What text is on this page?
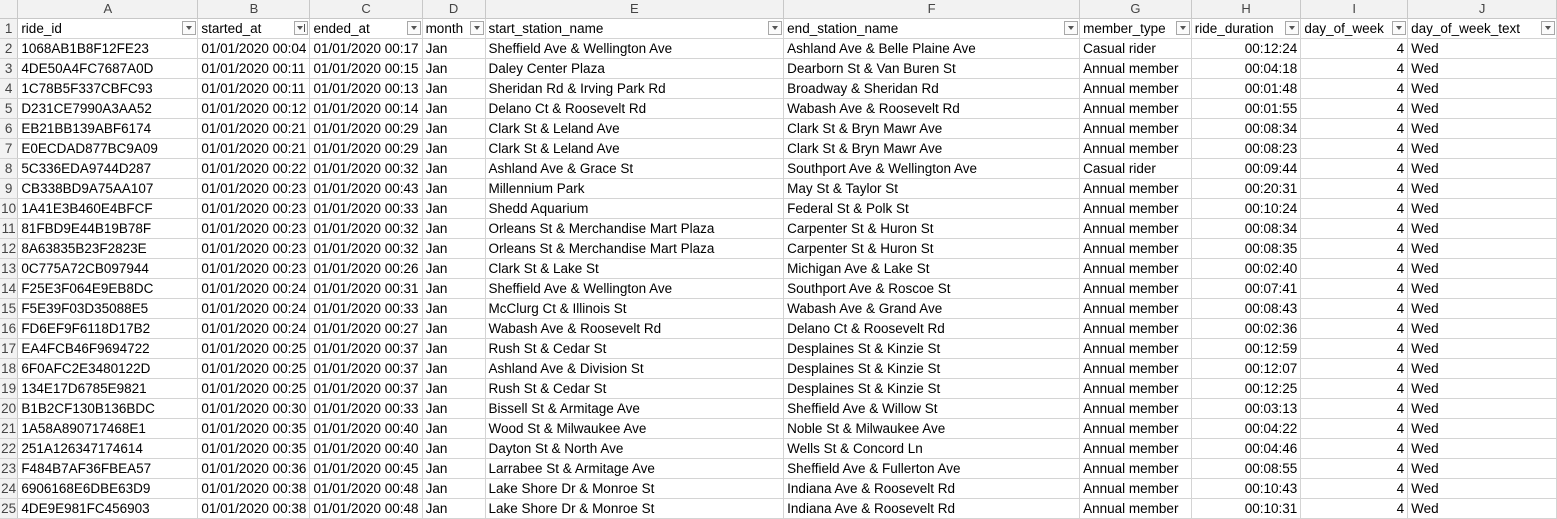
	A	B	C	D	E	F	G	H	I	J
1	ride_id	started_at	ended_at	month	start_station_name	end_station_name	member_type	ride_duration	day_of_week	day_of_week_text

2	1068AB1B8F12FE23	01/01/2020 00:04	01/01/2020 00:17	Jan	Sheffield Ave & Wellington Ave	Ashland Ave & Belle Plaine Ave	Casual rider	00:12:24	4	Wed
3	4DE50A4FC7687A0D	01/01/2020 00:11	01/01/2020 00:15	Jan	Daley Center Plaza	Dearborn St & Van Buren St	Annual member	00:04:18	4	Wed
4	1C78B5F337CBFC93	01/01/2020 00:11	01/01/2020 00:13	Jan	Sheridan Rd & Irving Park Rd	Broadway & Sheridan Rd	Annual member	00:01:48	4	Wed
5	D231CE7990A3AA52	01/01/2020 00:12	01/01/2020 00:14	Jan	Delano Ct & Roosevelt Rd	Wabash Ave & Roosevelt Rd	Annual member	00:01:55	4	Wed
6	EB21BB139ABF6174	01/01/2020 00:21	01/01/2020 00:29	Jan	Clark St & Leland Ave	Clark St & Bryn Mawr Ave	Annual member	00:08:34	4	Wed
7	E0ECDAD877BC9A09	01/01/2020 00:21	01/01/2020 00:29	Jan	Clark St & Leland Ave	Clark St & Bryn Mawr Ave	Annual member	00:08:23	4	Wed
8	5C336EDA9744D287	01/01/2020 00:22	01/01/2020 00:32	Jan	Ashland Ave & Grace St	Southport Ave & Wellington Ave	Casual rider	00:09:44	4	Wed
9	CB338BD9A75AA107	01/01/2020 00:23	01/01/2020 00:43	Jan	Millennium Park	May St & Taylor St	Annual member	00:20:31	4	Wed
10	1A41E3B460E4BFCF	01/01/2020 00:23	01/01/2020 00:33	Jan	Shedd Aquarium	Federal St & Polk St	Annual member	00:10:24	4	Wed
11	81FBD9E44B19B78F	01/01/2020 00:23	01/01/2020 00:32	Jan	Orleans St & Merchandise Mart Plaza	Carpenter St & Huron St	Annual member	00:08:34	4	Wed
12	8A63835B23F2823E	01/01/2020 00:23	01/01/2020 00:32	Jan	Orleans St & Merchandise Mart Plaza	Carpenter St & Huron St	Annual member	00:08:35	4	Wed
13	0C775A72CB097944	01/01/2020 00:23	01/01/2020 00:26	Jan	Clark St & Lake St	Michigan Ave & Lake St	Annual member	00:02:40	4	Wed
14	F25E3F064E9EB8DC	01/01/2020 00:24	01/01/2020 00:31	Jan	Sheffield Ave & Wellington Ave	Southport Ave & Roscoe St	Annual member	00:07:41	4	Wed
15	F5E39F03D35088E5	01/01/2020 00:24	01/01/2020 00:33	Jan	McClurg Ct & Illinois St	Wabash Ave & Grand Ave	Annual member	00:08:43	4	Wed
16	FD6EF9F6118D17B2	01/01/2020 00:24	01/01/2020 00:27	Jan	Wabash Ave & Roosevelt Rd	Delano Ct & Roosevelt Rd	Annual member	00:02:36	4	Wed
17	EA4FCB46F9694722	01/01/2020 00:25	01/01/2020 00:37	Jan	Rush St & Cedar St	Desplaines St & Kinzie St	Annual member	00:12:59	4	Wed
18	6F0AFC2E3480122D	01/01/2020 00:25	01/01/2020 00:37	Jan	Ashland Ave & Division St	Desplaines St & Kinzie St	Annual member	00:12:07	4	Wed
19	134E17D6785E9821	01/01/2020 00:25	01/01/2020 00:37	Jan	Rush St & Cedar St	Desplaines St & Kinzie St	Annual member	00:12:25	4	Wed
20	B1B2CF130B136BDC	01/01/2020 00:30	01/01/2020 00:33	Jan	Bissell St & Armitage Ave	Sheffield Ave & Willow St	Annual member	00:03:13	4	Wed
21	1A58A890717468E1	01/01/2020 00:35	01/01/2020 00:40	Jan	Wood St & Milwaukee Ave	Noble St & Milwaukee Ave	Annual member	00:04:22	4	Wed
22	251A126347174614	01/01/2020 00:35	01/01/2020 00:40	Jan	Dayton St & North Ave	Wells St & Concord Ln	Annual member	00:04:46	4	Wed
23	F484B7AF36FBEA57	01/01/2020 00:36	01/01/2020 00:45	Jan	Larrabee St & Armitage Ave	Sheffield Ave & Fullerton Ave	Annual member	00:08:55	4	Wed
24	6906168E6DBE63D9	01/01/2020 00:38	01/01/2020 00:48	Jan	Lake Shore Dr & Monroe St	Indiana Ave & Roosevelt Rd	Annual member	00:10:43	4	Wed
25	4DE9E981FC456903	01/01/2020 00:38	01/01/2020 00:48	Jan	Lake Shore Dr & Monroe St	Indiana Ave & Roosevelt Rd	Annual member	00:10:31	4	Wed
